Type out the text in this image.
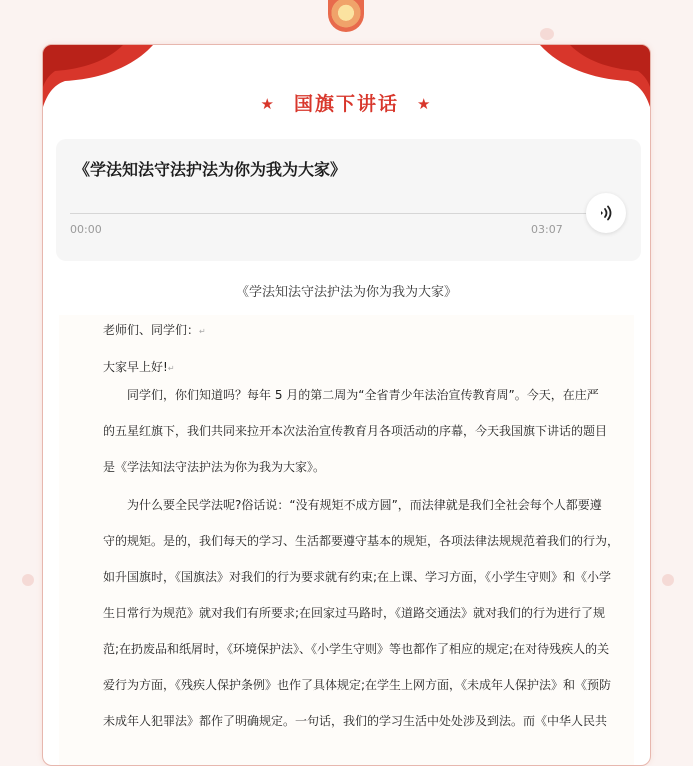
★ 国旗下讲话 ★
《学法知法守法护法为你为我为大家》
00:00	03:07
《学法知法守法护法为你为我为大家》

老师们、同学们：↵

大家早上好!↵

　　同学们，你们知道吗？每年 5 月的第二周为“全省青少年法治宣传教育周”。今天，在庄严
的五星红旗下，我们共同来拉开本次法治宣传教育月各项活动的序幕，今天我国旗下讲话的题目
是《学法知法守法护法为你为我为大家》。
　　为什么要全民学法呢?俗话说：“没有规矩不成方圆”，而法律就是我们全社会每个人都要遵
守的规矩。是的，我们每天的学习、生活都要遵守基本的规矩，各项法律法规规范着我们的行为，
如升国旗时，《国旗法》对我们的行为要求就有约束;在上课、学习方面，《小学生守则》和《小学
生日常行为规范》就对我们有所要求;在回家过马路时，《道路交通法》就对我们的行为进行了规
范;在扔废品和纸屑时，《环境保护法》、《小学生守则》等也都作了相应的规定;在对待残疾人的关
爱行为方面，《残疾人保护条例》也作了具体规定;在学生上网方面，《未成年人保护法》和《预防
未成年人犯罪法》都作了明确规定。一句话，我们的学习生活中处处涉及到法。而《中华人民共
